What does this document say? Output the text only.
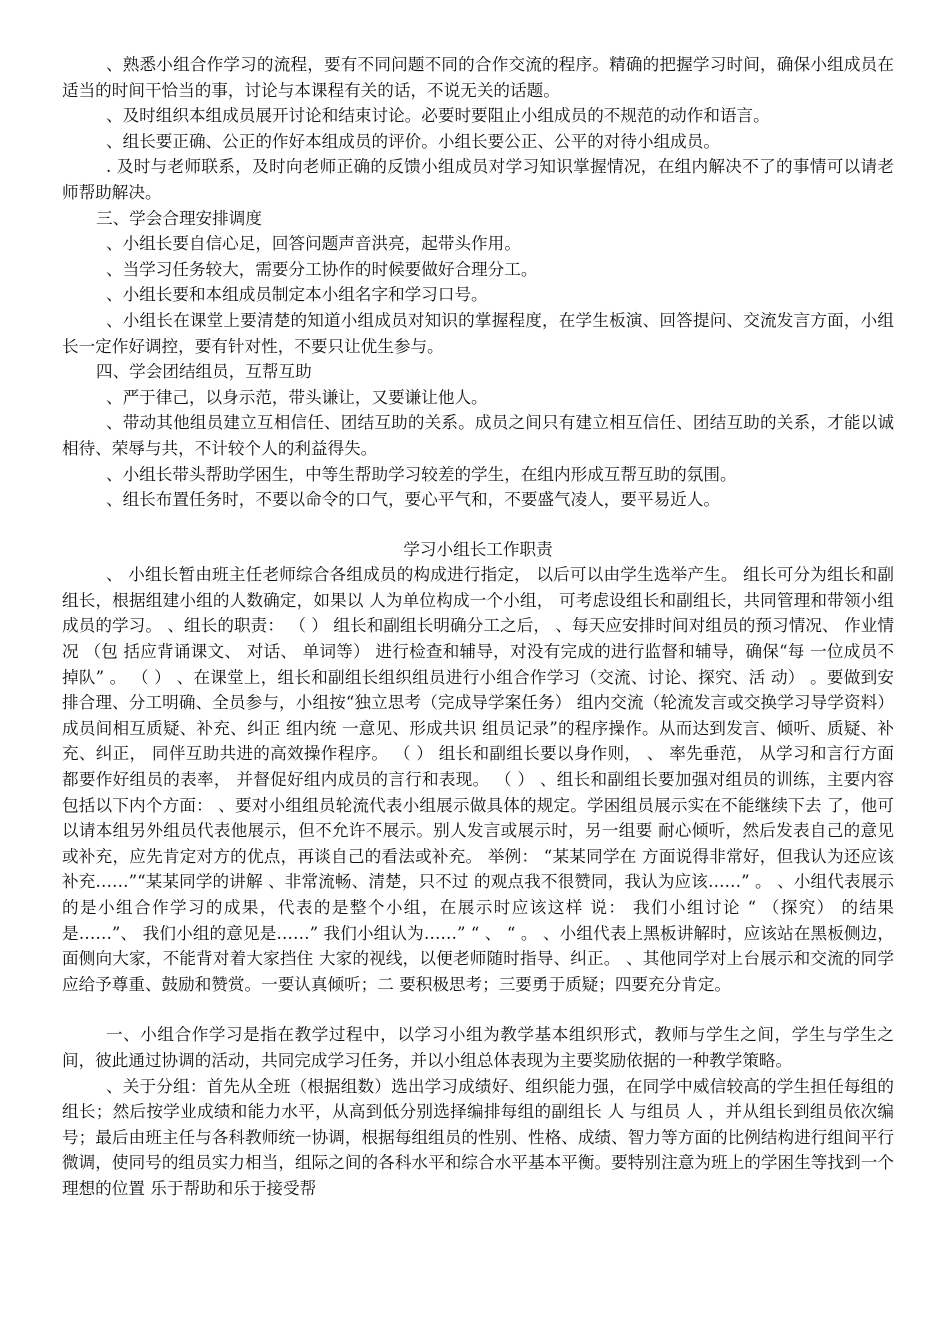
、熟悉小组合作学习的流程，要有不同问题不同的合作交流的程序。精确的把握学习时间，确保小组成员在适当的时间干恰当的事，讨论与本课程有关的话，不说无关的话题。

、及时组织本组成员展开讨论和结束讨论。必要时要阻止小组成员的不规范的动作和语言。

、组长要正确、公正的作好本组成员的评价。小组长要公正、公平的对待小组成员。

. 及时与老师联系，及时向老师正确的反馈小组成员对学习知识掌握情况，在组内解决不了的事情可以请老师帮助解决。

三、学会合理安排调度

、小组长要自信心足，回答问题声音洪亮，起带头作用。

、当学习任务较大，需要分工协作的时候要做好合理分工。

、小组长要和本组成员制定本小组名字和学习口号。

、小组长在课堂上要清楚的知道小组成员对知识的掌握程度，在学生板演、回答提问、交流发言方面，小组长一定作好调控，要有针对性，不要只让优生参与。

四、学会团结组员，互帮互助

、严于律己，以身示范，带头谦让，又要谦让他人。

、带动其他组员建立互相信任、团结互助的关系。成员之间只有建立相互信任、团结互助的关系，才能以诚相待、荣辱与共，不计较个人的利益得失。

、小组长带头帮助学困生，中等生帮助学习较差的学生，在组内形成互帮互助的氛围。

、组长布置任务时，不要以命令的口气，要心平气和，不要盛气凌人，要平易近人。

学习小组长工作职责

、 小组长暂由班主任老师综合各组成员的构成进行指定， 以后可以由学生选举产生。 组长可分为组长和副组长，根据组建小组的人数确定，如果以 人为单位构成一个小组， 可考虑设组长和副组长，共同管理和带领小组成员的学习。 、组长的职责： （ ） 组长和副组长明确分工之后， 、每天应安排时间对组员的预习情况、 作业情况 （包 括应背诵课文、 对话、 单词等） 进行检查和辅导，对没有完成的进行监督和辅导，确保“每 一位成员不掉队” 。 （ ） 、在课堂上，组长和副组长组织组员进行小组合作学习（交流、讨论、探究、活 动） 。要做到安排合理、分工明确、全员参与，小组按“独立思考（完成导学案任务） 组内交流（轮流发言或交换学习导学资料） 成员间相互质疑、补充、纠正 组内统 一意见、形成共识 组员记录”的程序操作。从而达到发言、倾听、质疑、补充、纠正， 同伴互助共进的高效操作程序。 （ ） 组长和副组长要以身作则， 、 率先垂范， 从学习和言行方面都要作好组员的表率， 并督促好组内成员的言行和表现。 （ ） 、组长和副组长要加强对组员的训练，主要内容包括以下内个方面： 、要对小组组员轮流代表小组展示做具体的规定。学困组员展示实在不能继续下去 了，他可以请本组另外组员代表他展示，但不允许不展示。别人发言或展示时，另一组要 耐心倾听，然后发表自己的意见或补充，应先肯定对方的优点，再谈自己的看法或补充。 举例： “某某同学在 方面说得非常好，但我认为还应该补充……”“某某同学的讲解 、非常流畅、清楚，只不过 的观点我不很赞同，我认为应该……” 。 、小组代表展示的是小组合作学习的成果，代表的是整个小组，在展示时应该这样 说： 我们小组讨论 “ （探究） 的结果是……”、 我们小组的意见是……” 我们小组认为……” “ 、 “ 。 、小组代表上黑板讲解时，应该站在黑板侧边，面侧向大家，不能背对着大家挡住 大家的视线，以便老师随时指导、纠正。 、其他同学对上台展示和交流的同学应给予尊重、鼓励和赞赏。一要认真倾听；二 要积极思考；三要勇于质疑；四要充分肯定。

一、小组合作学习是指在教学过程中，以学习小组为教学基本组织形式，教师与学生之间，学生与学生之间，彼此通过协调的活动，共同完成学习任务，并以小组总体表现为主要奖励依据的一种教学策略。

、关于分组：首先从全班（根据组数）选出学习成绩好、组织能力强，在同学中威信较高的学生担任每组的组长；然后按学业成绩和能力水平，从高到低分别选择编排每组的副组长 人 与组员 人 ，并从组长到组员依次编号；最后由班主任与各科教师统一协调，根据每组组员的性别、性格、成绩、智力等方面的比例结构进行组间平行微调，使同号的组员实力相当，组际之间的各科水平和综合水平基本平衡。要特别注意为班上的学困生等找到一个理想的位置 乐于帮助和乐于接受帮
